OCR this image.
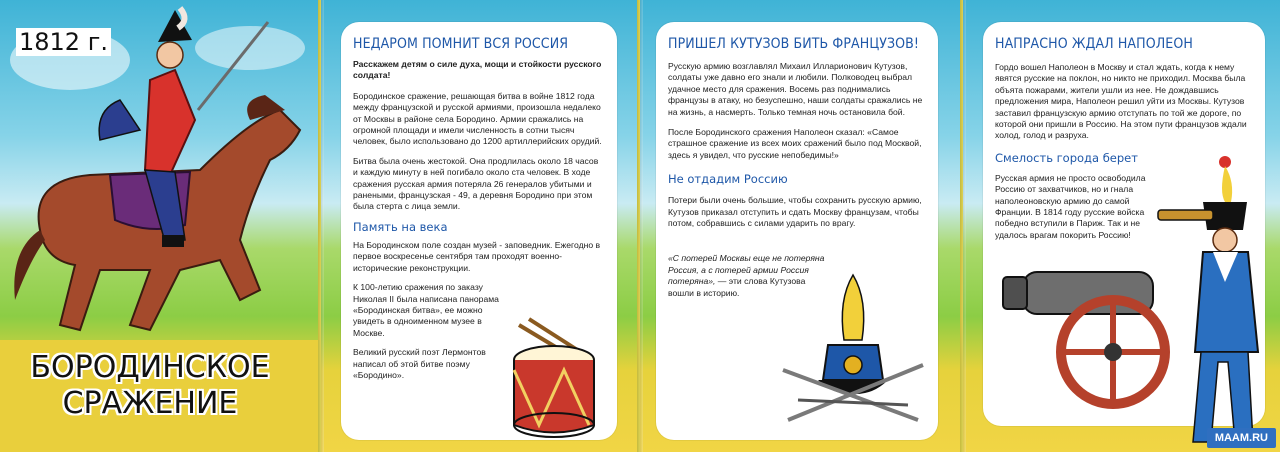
1812 г.
БОРОДИНСКОЕ
СРАЖЕНИЕ
НЕДАРОМ ПОМНИТ ВСЯ РОССИЯ

Расскажем детям о силе духа, мощи и стойкости русского солдата!

Бородинское сражение, решающая битва в войне 1812 года между французской и русской армиями, произошла недалеко от Москвы в районе села Бородино. Армии сражались на огромной площади и имели численность в сотни тысяч человек, было использовано до 1200 артиллерийских орудий.

Битва была очень жестокой. Она продлилась около 18 часов и каждую минуту в ней погибало около ста человек. В ходе сражения русская армия потеряла 26 генералов убитыми и ранеными, французская - 49, а деревня Бородино при этом была стерта с лица земли.

Память на века

На Бородинском поле создан музей - заповедник. Ежегодно в первое воскресенье сентября там проходят военно-исторические реконструкции.

К 100-летию сражения по заказу Николая II была написана панорама «Бородинская битва», ее можно увидеть в одноименном музее в Москве.

Великий русский поэт Лермонтов написал об этой битве поэму «Бородино».

ПРИШЕЛ КУТУЗОВ БИТЬ ФРАНЦУЗОВ!

Русскую армию возглавлял Михаил Илларионович Кутузов, солдаты уже давно его знали и любили. Полководец выбрал удачное место для сражения. Восемь раз поднимались французы в атаку, но безуспешно, наши солдаты сражались не на жизнь, а насмерть. Только темная ночь остановила бой.

После Бородинского сражения Наполеон сказал: «Самое страшное сражение из всех моих сражений было под Москвой, здесь я увидел, что русские непобедимы!»

Не отдадим Россию

Потери были очень большие, чтобы сохранить русскую армию, Кутузов приказал отступить и сдать Москву французам, чтобы потом, собравшись с силами ударить по врагу.

«С потерей Москвы еще не потеряна Россия, а с потерей армии Россия потеряна», — эти слова Кутузова вошли в историю.

НАПРАСНО ЖДАЛ НАПОЛЕОН

Гордо вошел Наполеон в Москву и стал ждать, когда к нему явятся русские на поклон, но никто не приходил. Москва была объята пожарами, жители ушли из нее. Не дождавшись предложения мира, Наполеон решил уйти из Москвы. Кутузов заставил французскую армию отступать по той же дороге, по которой они пришли в Россию. На этом пути французов ждали холод, голод и разруха.

Смелость города берет

Русская армия не просто освободила Россию от захватчиков, но и гнала наполеоновскую армию до самой Франции. В 1814 году русские войска победно вступили в Париж. Так и не удалось врагам покорить Россию!

MAAM.RU
